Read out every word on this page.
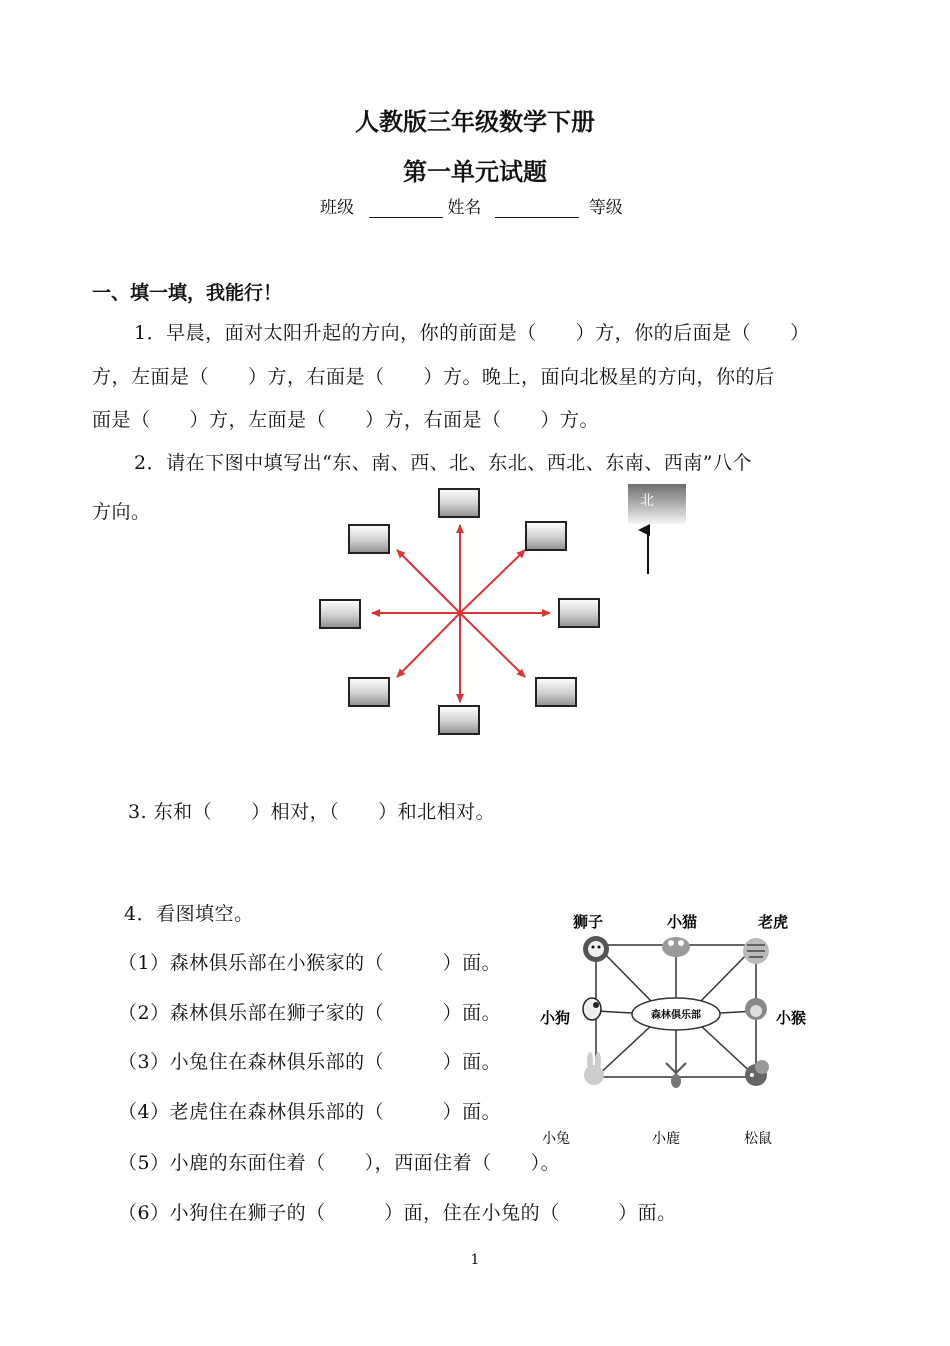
人教版三年级数学下册
第一单元试题
班级	姓名	等级
一、填一填，我能行！
1．早晨，面对太阳升起的方向，你的前面是（　　）方，你的后面是（　　）
方，左面是（　　）方，右面是（　　）方。晚上，面向北极星的方向，你的后
面是（　　）方，左面是（　　）方，右面是（　　）方。
2．请在下图中填写出“东、南、西、北、东北、西北、东南、西南”八个
方向。	北
3. 东和（　　）相对，（　　）和北相对。
4．看图填空。
（1）森林俱乐部在小猴家的（　　　）面。
（2）森林俱乐部在狮子家的（　　　）面。
（3）小兔住在森林俱乐部的（　　　）面。
（4）老虎住在森林俱乐部的（　　　）面。
（5）小鹿的东面住着（　　），西面住着（　　）。
（6）小狗住在狮子的（　　　）面，住在小兔的（　　　）面。
森林俱乐部
狮子	小猫	老虎
小狗	小猴
小兔	小鹿	松鼠
1
